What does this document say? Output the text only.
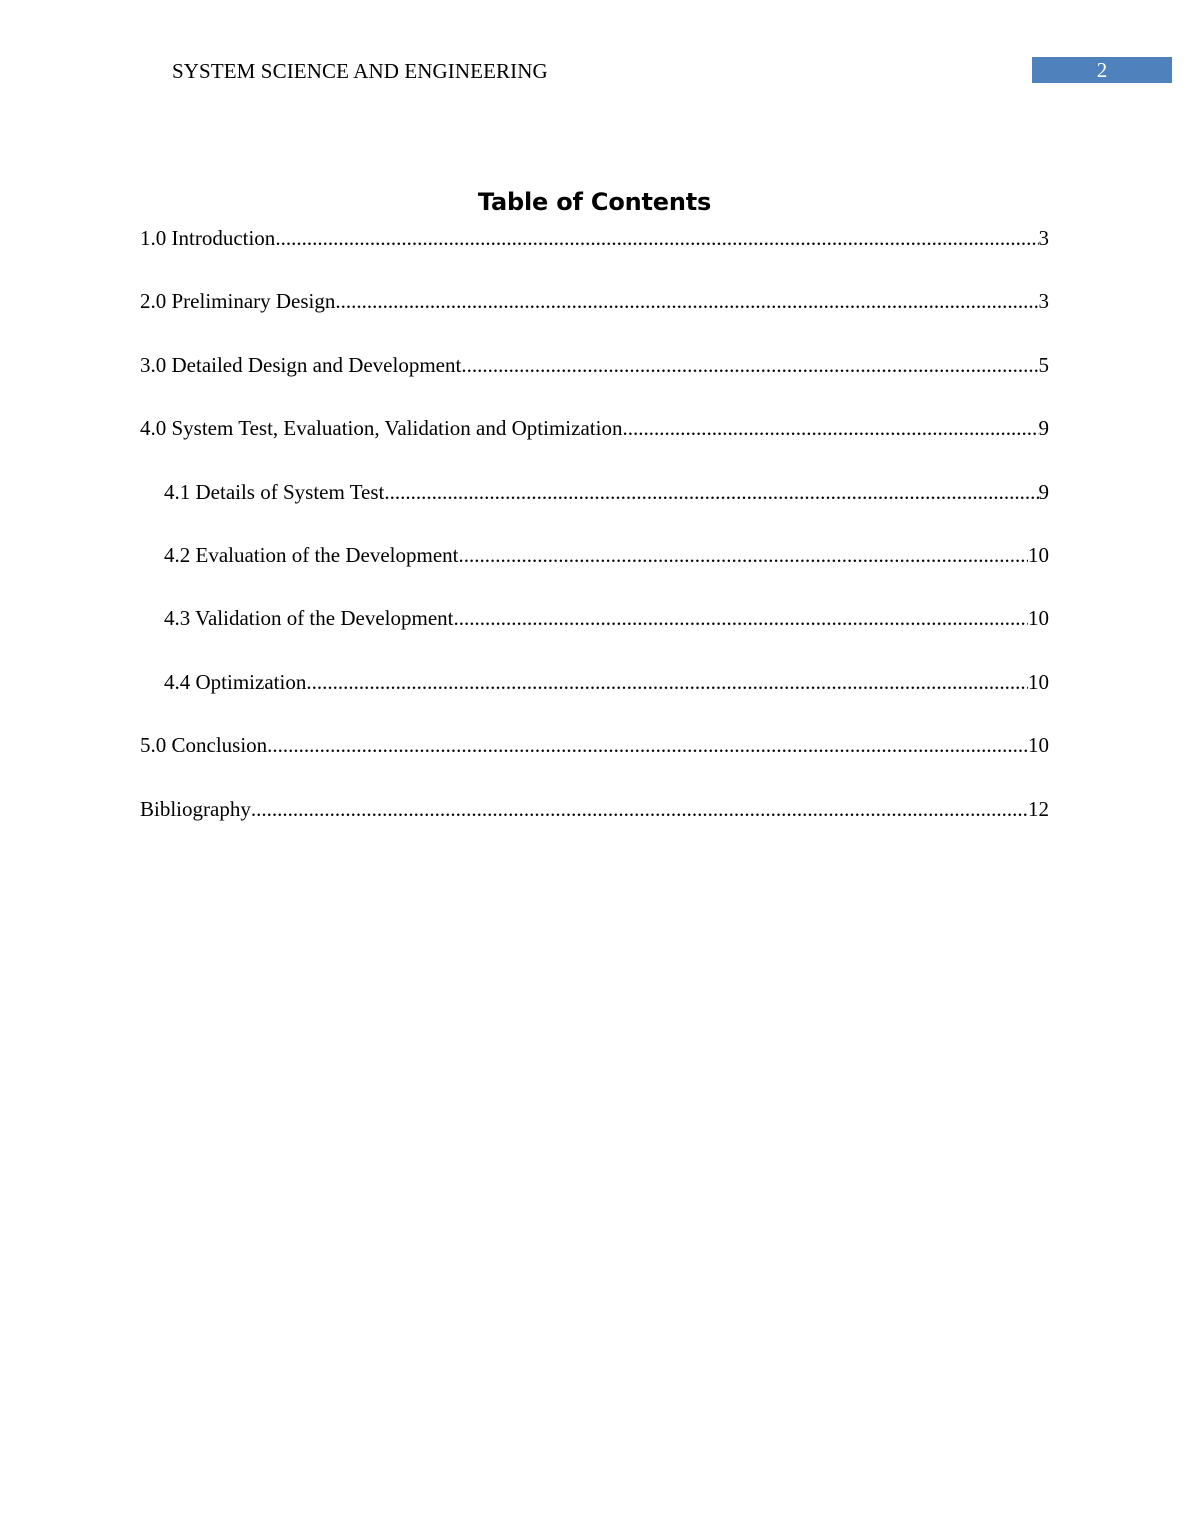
SYSTEM SCIENCE AND ENGINEERING	2
Table of Contents
1.0 Introduction .....	3
2.0 Preliminary Design .....	3
3.0 Detailed Design and Development .....	5
4.0 System Test, Evaluation, Validation and Optimization .....	9
4.1 Details of System Test .....	9
4.2 Evaluation of the Development .....	10
4.3 Validation of the Development .....	10
4.4 Optimization .....	10
5.0 Conclusion .....	10
Bibliography .....	12
